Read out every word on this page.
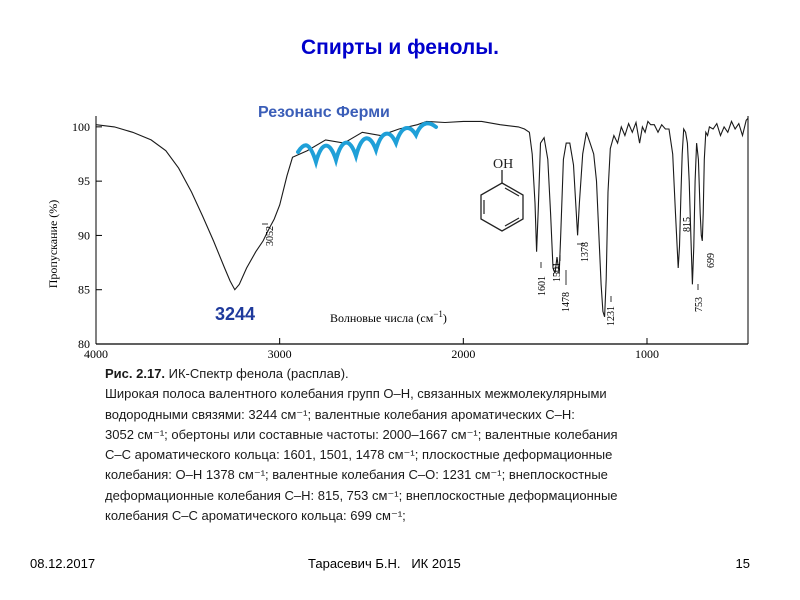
Спирты и фенолы.
4000	3000	2000	1000
80
85
90
95
100
Пропускание (%)
Волновые числа $(см^{-1})$
Резонанс Ферми
3244
OH
3052
1601
1501
1478
1378
1231
815
753
699

Рис. 2.17. ИК-Спектр фенола (расплав).

Широкая полоса валентного колебания групп O–H, связанных межмолекулярными

водородными связями: 3244 см⁻¹; валентные колебания ароматических C–H:

3052 см⁻¹; обертоны или составные частоты: 2000–1667 см⁻¹; валентные колебания

C–C ароматического кольца: 1601, 1501, 1478 см⁻¹; плоскостные деформационные

колебания: O–H 1378 см⁻¹; валентные колебания C–O: 1231 см⁻¹; внеплоскостные

деформационные колебания C–H: 815, 753 см⁻¹; внеплоскостные деформационные

колебания C–C ароматического кольца: 699 см⁻¹;

08.12.2017	Тарасевич Б.Н. ИК 2015	15
